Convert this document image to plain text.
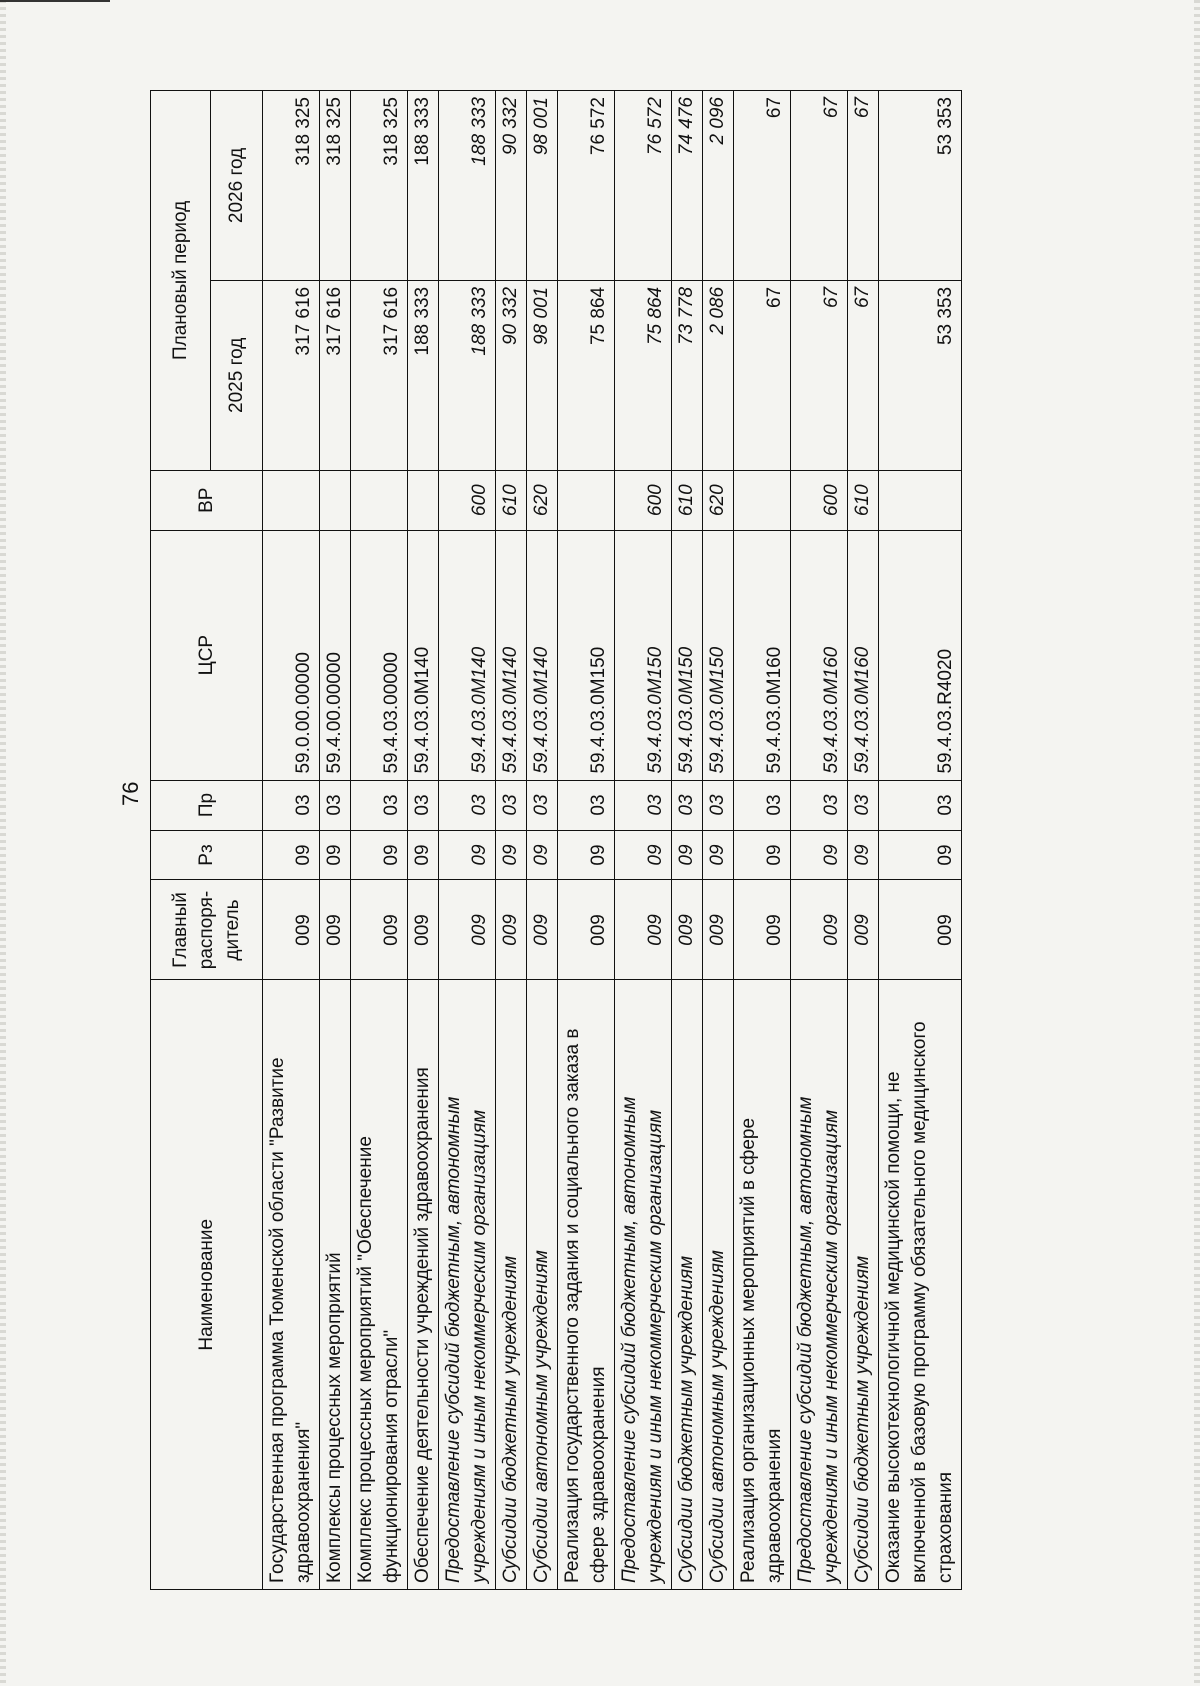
76
Наименование	Главный распоря-дитель	Рз	Пр	ЦСР	ВР	Плановый период	
						2025 год	2026 год
Государственная программа Тюменской области "Развитие здравоохранения"	009	09	03	59.0.00.00000		317 616	318 325
Комплексы процессных мероприятий	009	09	03	59.4.00.00000		317 616	318 325
Комплекс процессных мероприятий "Обеспечение функционирования отрасли"	009	09	03	59.4.03.00000		317 616	318 325
Обеспечение деятельности учреждений здравоохранения	009	09	03	59.4.03.0М140		188 333	188 333
Предоставление субсидий бюджетным, автономным учреждениям и иным некоммерческим организациям	009	09	03	59.4.03.0М140	600	188 333	188 333
Субсидии бюджетным учреждениям	009	09	03	59.4.03.0М140	610	90 332	90 332
Субсидии автономным учреждениям	009	09	03	59.4.03.0М140	620	98 001	98 001
Реализация государственного задания и социального заказа в сфере здравоохранения	009	09	03	59.4.03.0М150		75 864	76 572
Предоставление субсидий бюджетным, автономным учреждениям и иным некоммерческим организациям	009	09	03	59.4.03.0М150	600	75 864	76 572
Субсидии бюджетным учреждениям	009	09	03	59.4.03.0М150	610	73 778	74 476
Субсидии автономным учреждениям	009	09	03	59.4.03.0М150	620	2 086	2 096
Реализация организационных мероприятий в сфере здравоохранения	009	09	03	59.4.03.0М160		67	67
Предоставление субсидий бюджетным, автономным учреждениям и иным некоммерческим организациям	009	09	03	59.4.03.0М160	600	67	67
Субсидии бюджетным учреждениям	009	09	03	59.4.03.0М160	610	67	67
Оказание высокотехнологичной медицинской помощи, не включенной в базовую программу обязательного медицинского страхования	009	09	03	59.4.03.R4020		53 353	53 353
